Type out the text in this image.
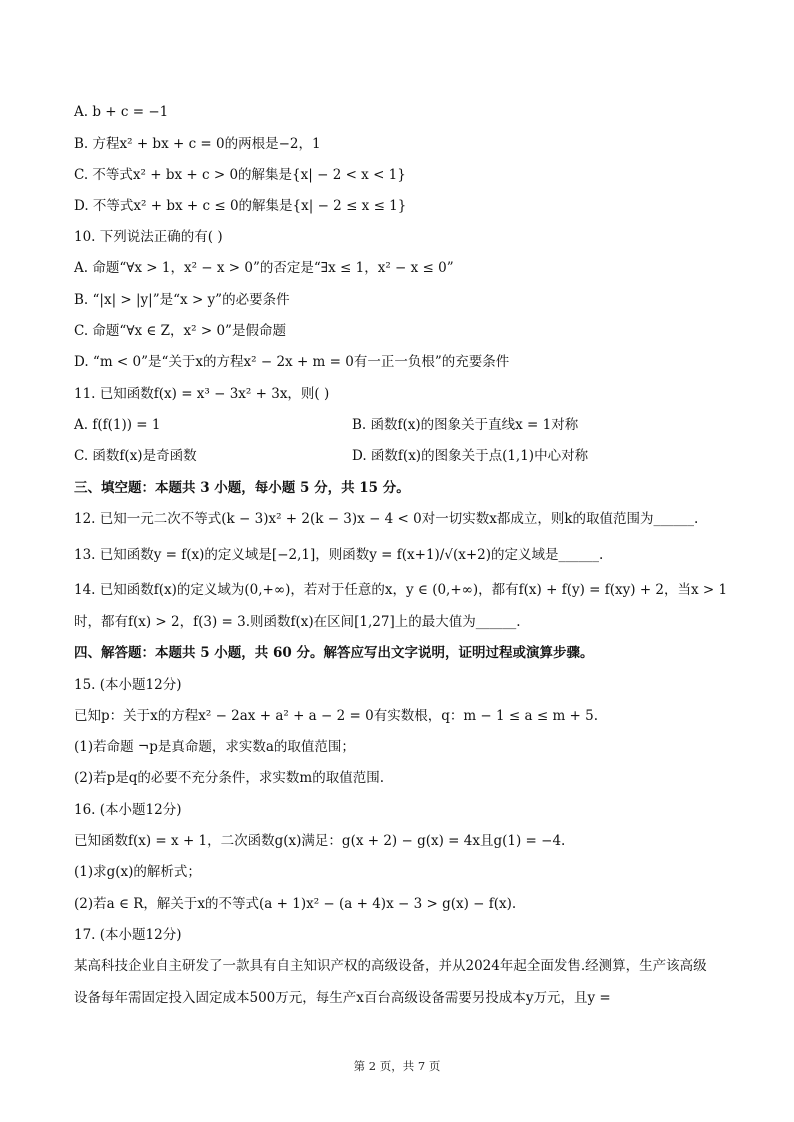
A. b + c = −1
B. 方程x² + bx + c = 0的两根是−2，1
C. 不等式x² + bx + c > 0的解集是{x| − 2 < x < 1}
D. 不等式x² + bx + c ≤ 0的解集是{x| − 2 ≤ x ≤ 1}
10. 下列说法正确的有( )
A. 命题“∀x > 1，x² − x > 0”的否定是“∃x ≤ 1，x² − x ≤ 0”
B. “|x| > |y|”是“x > y”的必要条件
C. 命题“∀x ∈ Z，x² > 0”是假命题
D. “m < 0”是“关于x的方程x² − 2x + m = 0有一正一负根”的充要条件
11. 已知函数f(x) = x³ − 3x² + 3x，则( )
A. f(f(1)) = 1	B. 函数f(x)的图象关于直线x = 1对称
C. 函数f(x)是奇函数	D. 函数f(x)的图象关于点(1,1)中心对称
三、填空题：本题共 3 小题，每小题 5 分，共 15 分。
12. 已知一元二次不等式(k − 3)x² + 2(k − 3)x − 4 < 0对一切实数x都成立，则k的取值范围为______.
13. 已知函数y = f(x)的定义域是[−2,1]，则函数y = f(x+1)/√(x+2)的定义域是______.
14. 已知函数f(x)的定义域为(0,+∞)，若对于任意的x，y ∈ (0,+∞)，都有f(x) + f(y) = f(xy) + 2，当x > 1
时，都有f(x) > 2，f(3) = 3.则函数f(x)在区间[1,27]上的最大值为______.
四、解答题：本题共 5 小题，共 60 分。解答应写出文字说明，证明过程或演算步骤。
15. (本小题12分)
已知p：关于x的方程x² − 2ax + a² + a − 2 = 0有实数根，q：m − 1 ≤ a ≤ m + 5.
(1)若命题 ¬p是真命题，求实数a的取值范围；
(2)若p是q的必要不充分条件，求实数m的取值范围.
16. (本小题12分)
已知函数f(x) = x + 1，二次函数g(x)满足：g(x + 2) − g(x) = 4x且g(1) = −4.
(1)求g(x)的解析式；
(2)若a ∈ R，解关于x的不等式(a + 1)x² − (a + 4)x − 3 > g(x) − f(x).
17. (本小题12分)
某高科技企业自主研发了一款具有自主知识产权的高级设备，并从2024年起全面发售.经测算，生产该高级
设备每年需固定投入固定成本500万元，每生产x百台高级设备需要另投成本y万元，且y =
第 2 页，共 7 页
